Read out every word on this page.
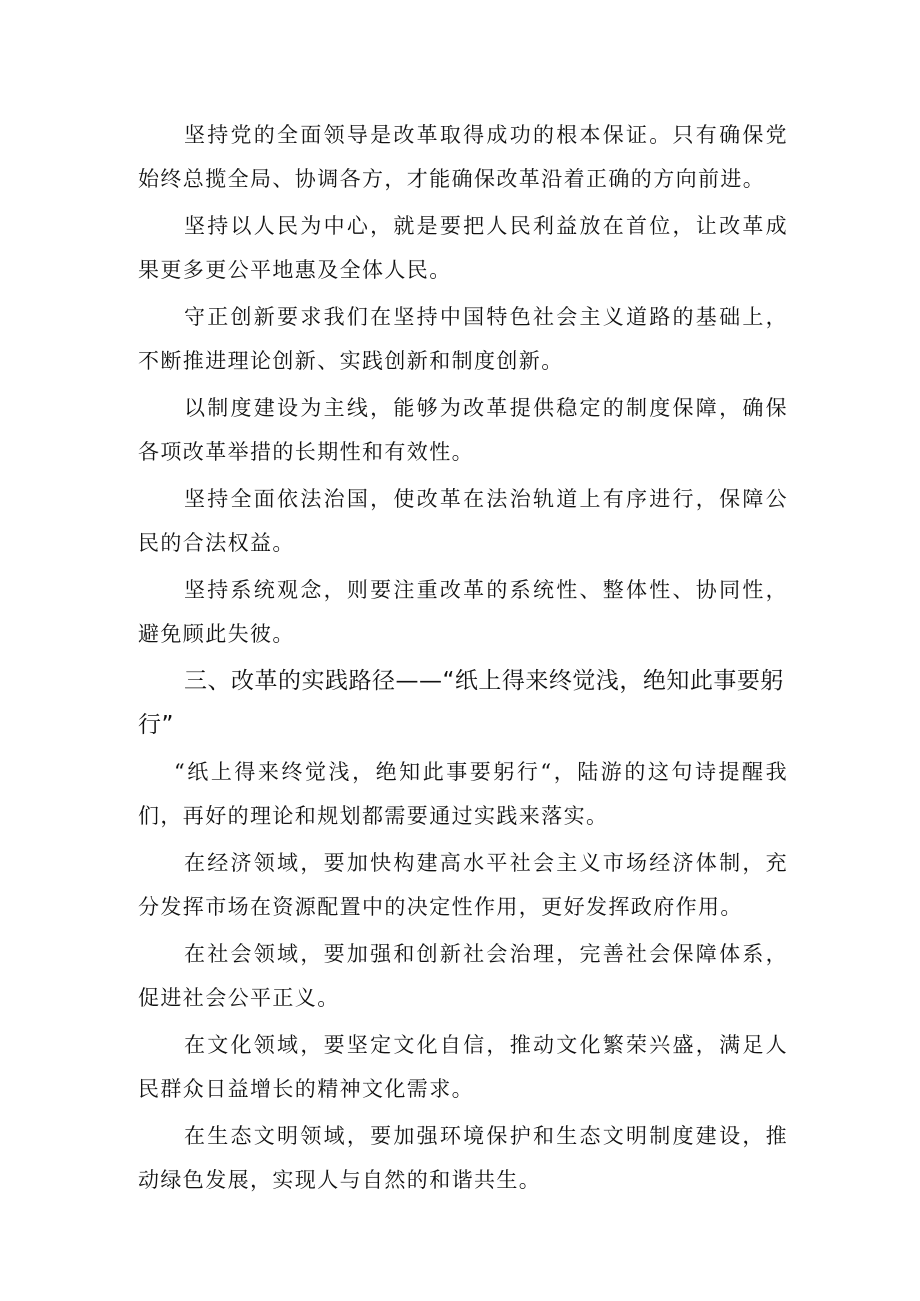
坚持党的全面领导是改革取得成功的根本保证。只有确保党始终总揽全局、协调各方，才能确保改革沿着正确的方向前进。

坚持以人民为中心，就是要把人民利益放在首位，让改革成果更多更公平地惠及全体人民。

守正创新要求我们在坚持中国特色社会主义道路的基础上，不断推进理论创新、实践创新和制度创新。

以制度建设为主线，能够为改革提供稳定的制度保障，确保各项改革举措的长期性和有效性。

坚持全面依法治国，使改革在法治轨道上有序进行，保障公民的合法权益。

坚持系统观念，则要注重改革的系统性、整体性、协同性，避免顾此失彼。

三、改革的实践路径——“纸上得来终觉浅，绝知此事要躬行”

“纸上得来终觉浅，绝知此事要躬行“，陆游的这句诗提醒我们，再好的理论和规划都需要通过实践来落实。

在经济领域，要加快构建高水平社会主义市场经济体制，充分发挥市场在资源配置中的决定性作用，更好发挥政府作用。

在社会领域，要加强和创新社会治理，完善社会保障体系，促进社会公平正义。

在文化领域，要坚定文化自信，推动文化繁荣兴盛，满足人民群众日益增长的精神文化需求。

在生态文明领域，要加强环境保护和生态文明制度建设，推动绿色发展，实现人与自然的和谐共生。
